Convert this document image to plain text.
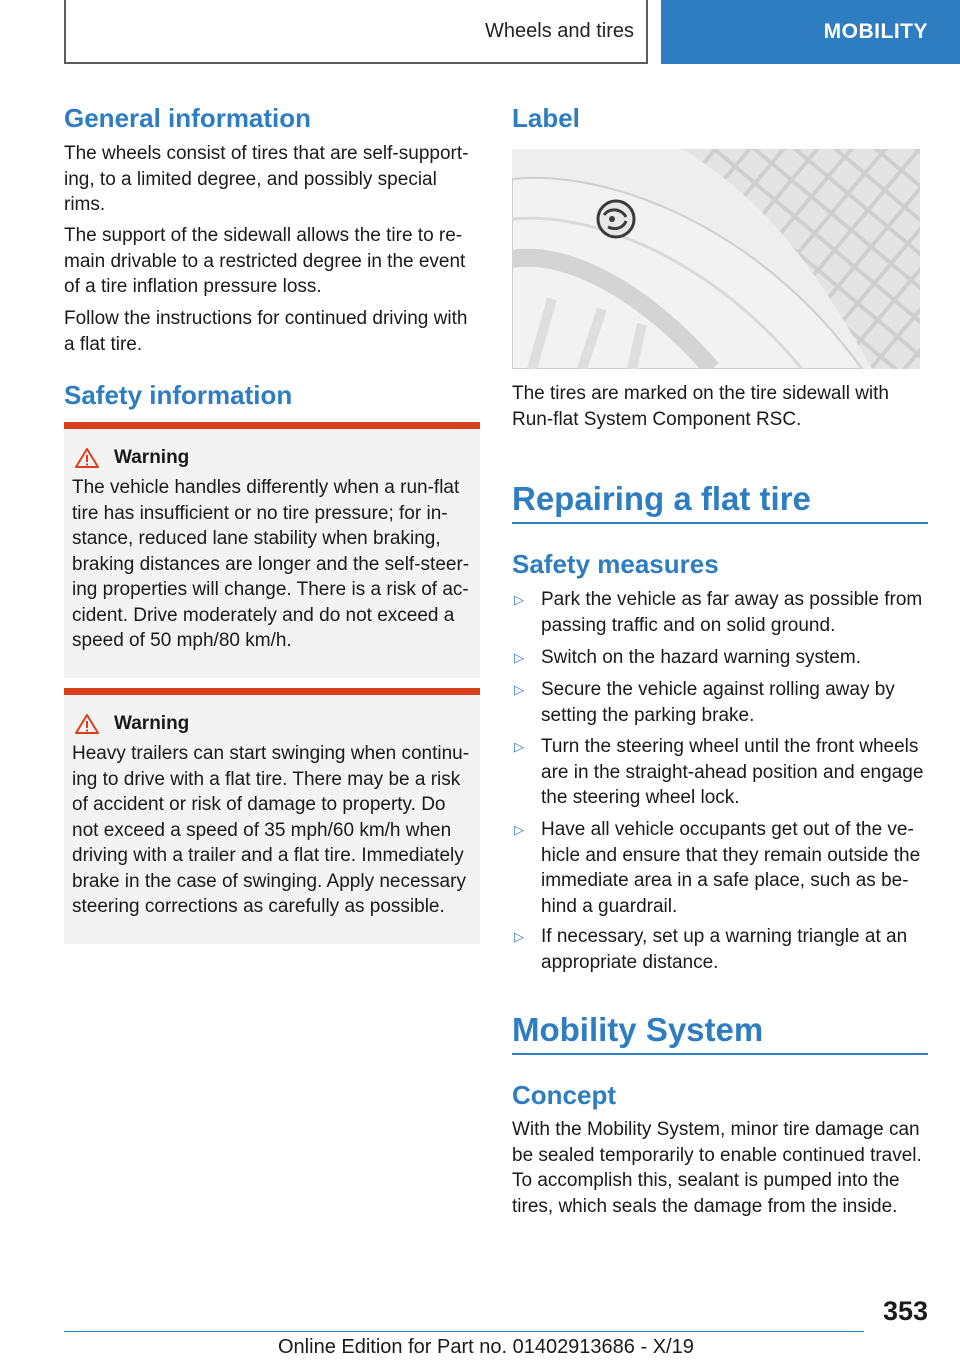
Wheels and tires	MOBILITY
General information

The wheels consist of tires that are self-support‐ing, to a limited degree, and possibly special rims.

The support of the sidewall allows the tire to re‐main drivable to a restricted degree in the event of a tire inflation pressure loss.

Follow the instructions for continued driving with a flat tire.

Safety information
Warning
The vehicle handles differently when a run-flat tire has insufficient or no tire pressure; for in‐stance, reduced lane stability when braking, braking distances are longer and the self-steer‐ing properties will change. There is a risk of ac‐cident. Drive moderately and do not exceed a speed of 50 mph/80 km/h.
Warning
Heavy trailers can start swinging when continu‐ing to drive with a flat tire. There may be a risk of accident or risk of damage to property. Do not exceed a speed of 35 mph/60 km/h when driving with a trailer and a flat tire. Immediately brake in the case of swinging. Apply necessary steering corrections as carefully as possible.
Label

The tires are marked on the tire sidewall with Run-flat System Component RSC.

Repairing a flat tire
Safety measures
▷ Park the vehicle as far away as possible from passing traffic and on solid ground.
▷ Switch on the hazard warning system.
▷ Secure the vehicle against rolling away by setting the parking brake.
▷ Turn the steering wheel until the front wheels are in the straight-ahead position and engage the steering wheel lock.
▷ Have all vehicle occupants get out of the ve‐hicle and ensure that they remain outside the immediate area in a safe place, such as be‐hind a guardrail.
▷ If necessary, set up a warning triangle at an appropriate distance.
Mobility System
Concept

With the Mobility System, minor tire damage can be sealed temporarily to enable continued travel. To accomplish this, sealant is pumped into the tires, which seals the damage from the inside.

353
Online Edition for Part no. 01402913686 - X/19
